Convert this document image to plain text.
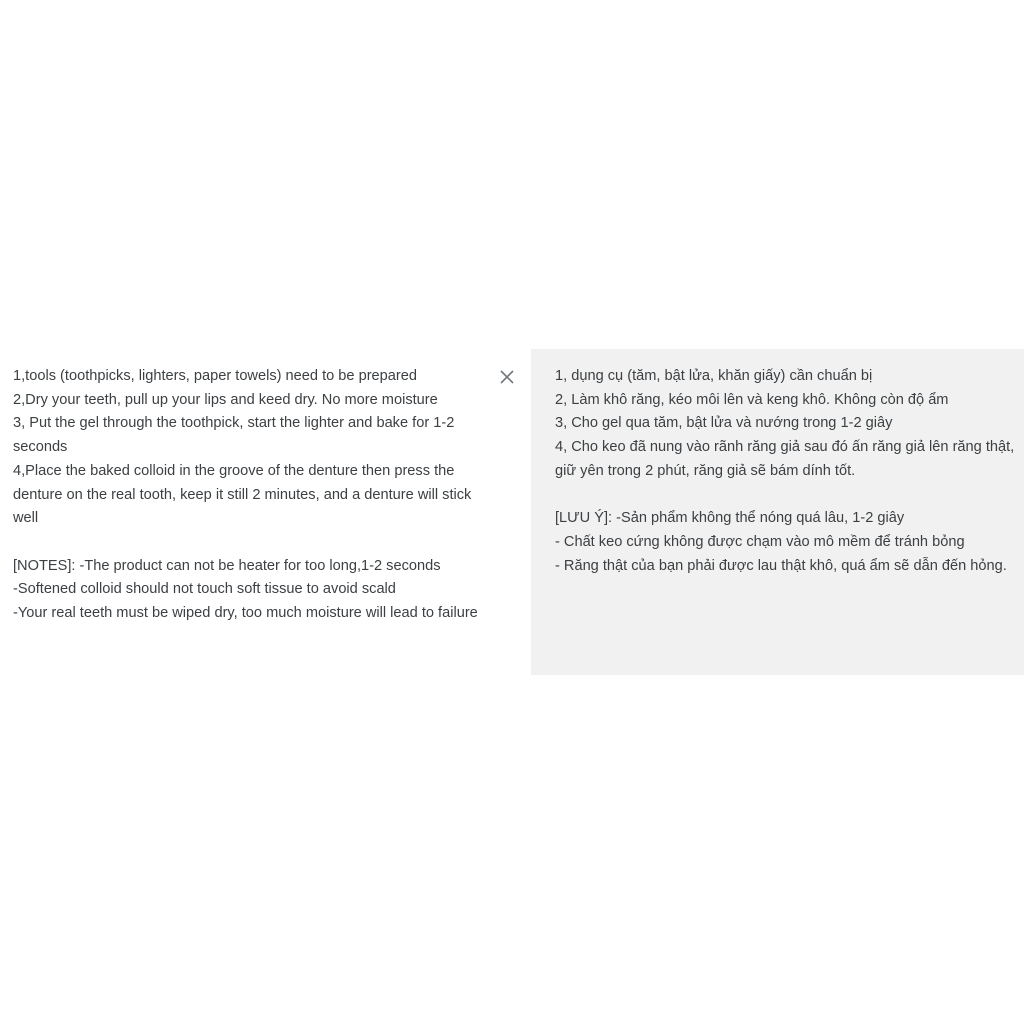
1,tools (toothpicks, lighters, paper towels) need to be prepared
2,Dry your teeth, pull up your lips and keed dry. No more moisture
3, Put the gel through the toothpick, start the lighter and bake for 1-2 seconds
4,Place the baked colloid in the groove of the denture then press the denture on the real tooth, keep it still 2 minutes, and a denture will stick well

[NOTES]: -The product can not be heater for too long,1-2 seconds
-Softened colloid should not touch soft tissue to avoid scald
-Your real teeth must be wiped dry, too much moisture will lead to failure
1, dụng cụ (tăm, bật lửa, khăn giấy) cần chuẩn bị
2, Làm khô răng, kéo môi lên và keng khô. Không còn độ ẩm
3, Cho gel qua tăm, bật lửa và nướng trong 1-2 giây
4, Cho keo đã nung vào rãnh răng giả sau đó ấn răng giả lên răng thật, giữ yên trong 2 phút, răng giả sẽ bám dính tốt.

[LƯU Ý]: -Sản phẩm không thể nóng quá lâu, 1-2 giây
- Chất keo cứng không được chạm vào mô mềm để tránh bỏng
- Răng thật của bạn phải được lau thật khô, quá ẩm sẽ dẫn đến hỏng.
